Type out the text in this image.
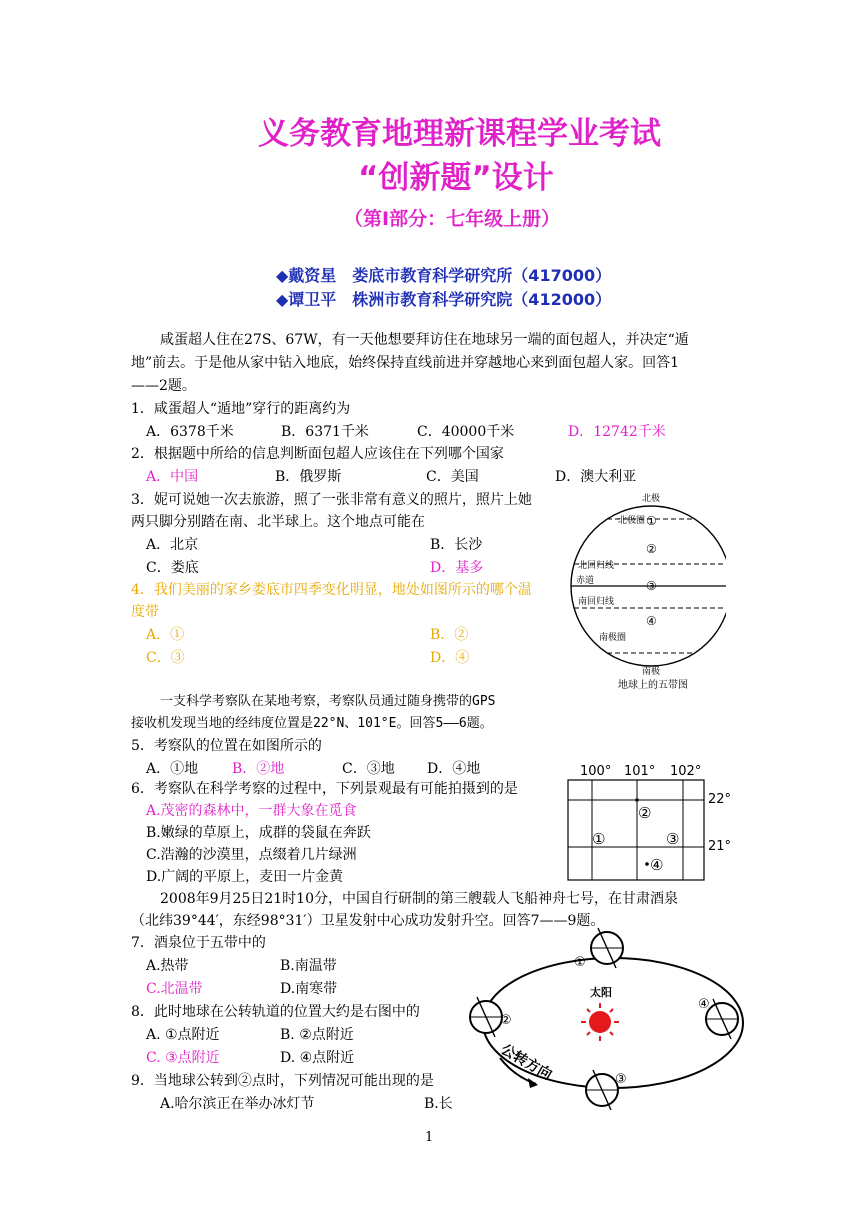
义务教育地理新课程学业考试
“创新题”设计
（第Ⅰ部分：七年级上册）
◆戴资星　娄底市教育科学研究所（417000）
◆谭卫平　株洲市教育科学研究院（412000）
咸蛋超人住在27S、67W，有一天他想要拜访住在地球另一端的面包超人，并决定“遁
地”前去。于是他从家中钻入地底，始终保持直线前进并穿越地心来到面包超人家。回答1
——2题。
1．咸蛋超人“遁地”穿行的距离约为
A．6378千米	B．6371千米	C．40000千米	D．12742千米
2．根据题中所给的信息判断面包超人应该住在下列哪个国家
A．中国	B．俄罗斯	C．美国	D．澳大利亚
3．妮可说她一次去旅游，照了一张非常有意义的照片，照片上她
两只脚分别踏在南、北半球上。这个地点可能在
A．北京	B．长沙
C．娄底	D．基多
4．我们美丽的家乡娄底市四季变化明显，地处如图所示的哪个温
度带
A．①	B．②
C．③	D．④
北极
北极圈 ①
②
北回归线
赤道	③
南回归线
④
南极圈
南极
地球上的五带图
一支科学考察队在某地考察，考察队员通过随身携带的GPS
接收机发现当地的经纬度位置是22°N、101°E。回答5——6题。
5．考察队的位置在如图所示的
A．①地 B．②地	C．③地 D．④地	100° 101° 102°
22°
21°
①
②
③
④
6．考察队在科学考察的过程中，下列景观最有可能拍摄到的是
A.茂密的森林中，一群大象在觅食
B.嫩绿的草原上，成群的袋鼠在奔跃
C.浩瀚的沙漠里，点缀着几片绿洲
D.广阔的平原上，麦田一片金黄
2008年9月25日21时10分，中国自行研制的第三艘载人飞船神舟七号，在甘肃酒泉
（北纬39°44′，东经98°31′）卫星发射中心成功发射升空。回答7——9题。
7．酒泉位于五带中的
A.热带	B.南温带
C.北温带	D.南寒带
8．此时地球在公转轨道的位置大约是右图中的
A. ①点附近	B. ②点附近
C. ③点附近	D. ④点附近
9．当地球公转到②点时，下列情况可能出现的是
A.哈尔滨正在举办冰灯节	B.长
太阳
①
②
③
④
公转方向
1
